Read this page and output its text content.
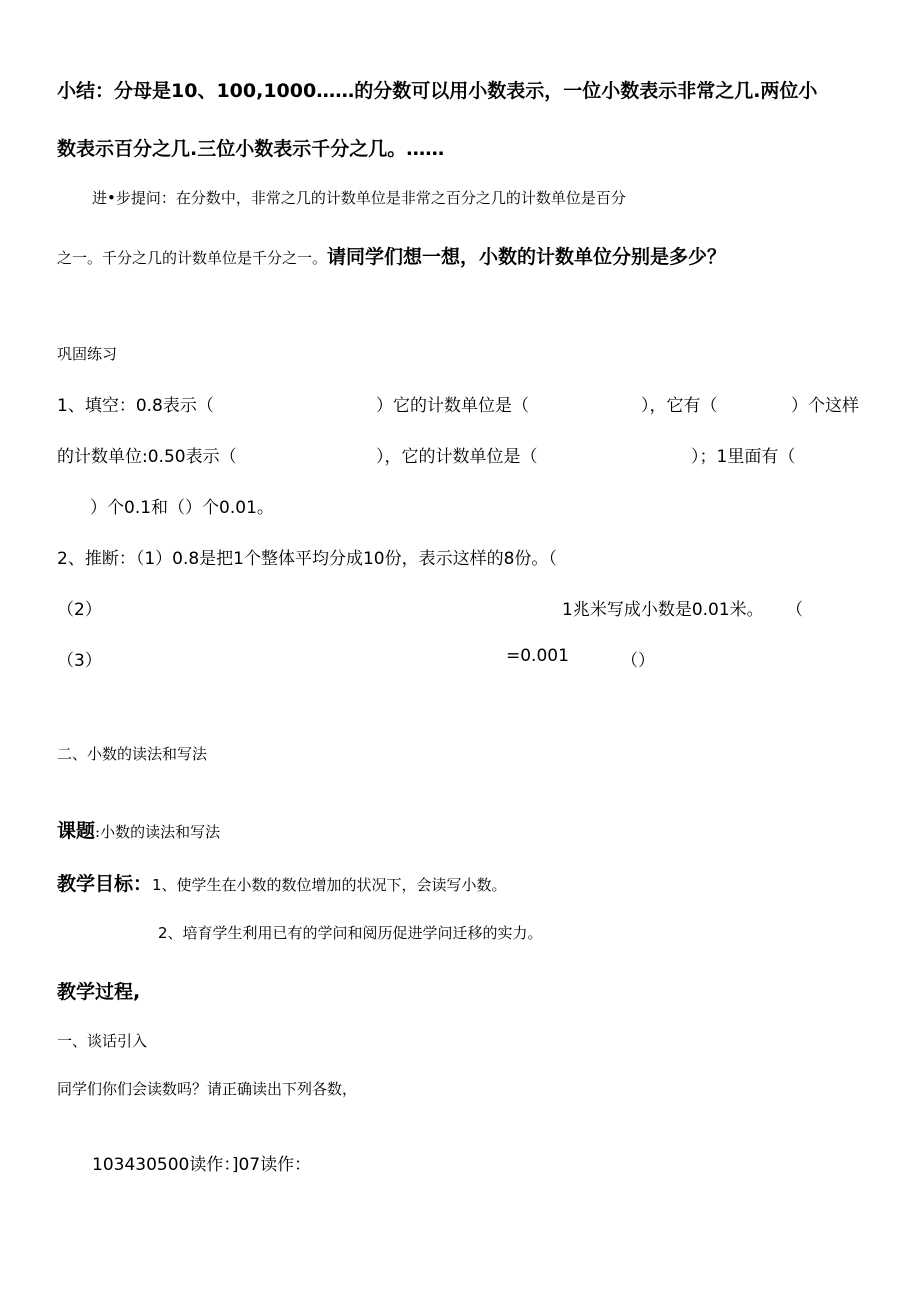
小结：分母是10、100,1000……的分数可以用小数表示，一位小数表示非常之几.两位小
数表示百分之几.三位小数表示千分之几。……
进•步提问：在分数中，非常之几的计数单位是非常之百分之几的计数单位是百分
之一。千分之几的计数单位是千分之一。请同学们想一想，小数的计数单位分别是多少？
巩固练习
1、填空：0.8表示（	）它的计数单位是（	），它有（	）个这样
的计数单位:0.50表示（	），它的计数单位是（	）；1里面有（
）个0.1和（）个0.01。
2、推断：（1）0.8是把1个整体平均分成10份，表示这样的8份。（
（2）	1兆米写成小数是0.01米。 （
（3）	=0.001	（）
二、小数的读法和写法
课题:小数的读法和写法
教学目标：1、使学生在小数的数位增加的状况下，会读写小数。
2、培育学生利用已有的学问和阅历促进学问迁移的实力。
教学过程,
一、谈话引入
同学们你们会读数吗？请正确读出下列各数，
103430500读作：]07读作：
